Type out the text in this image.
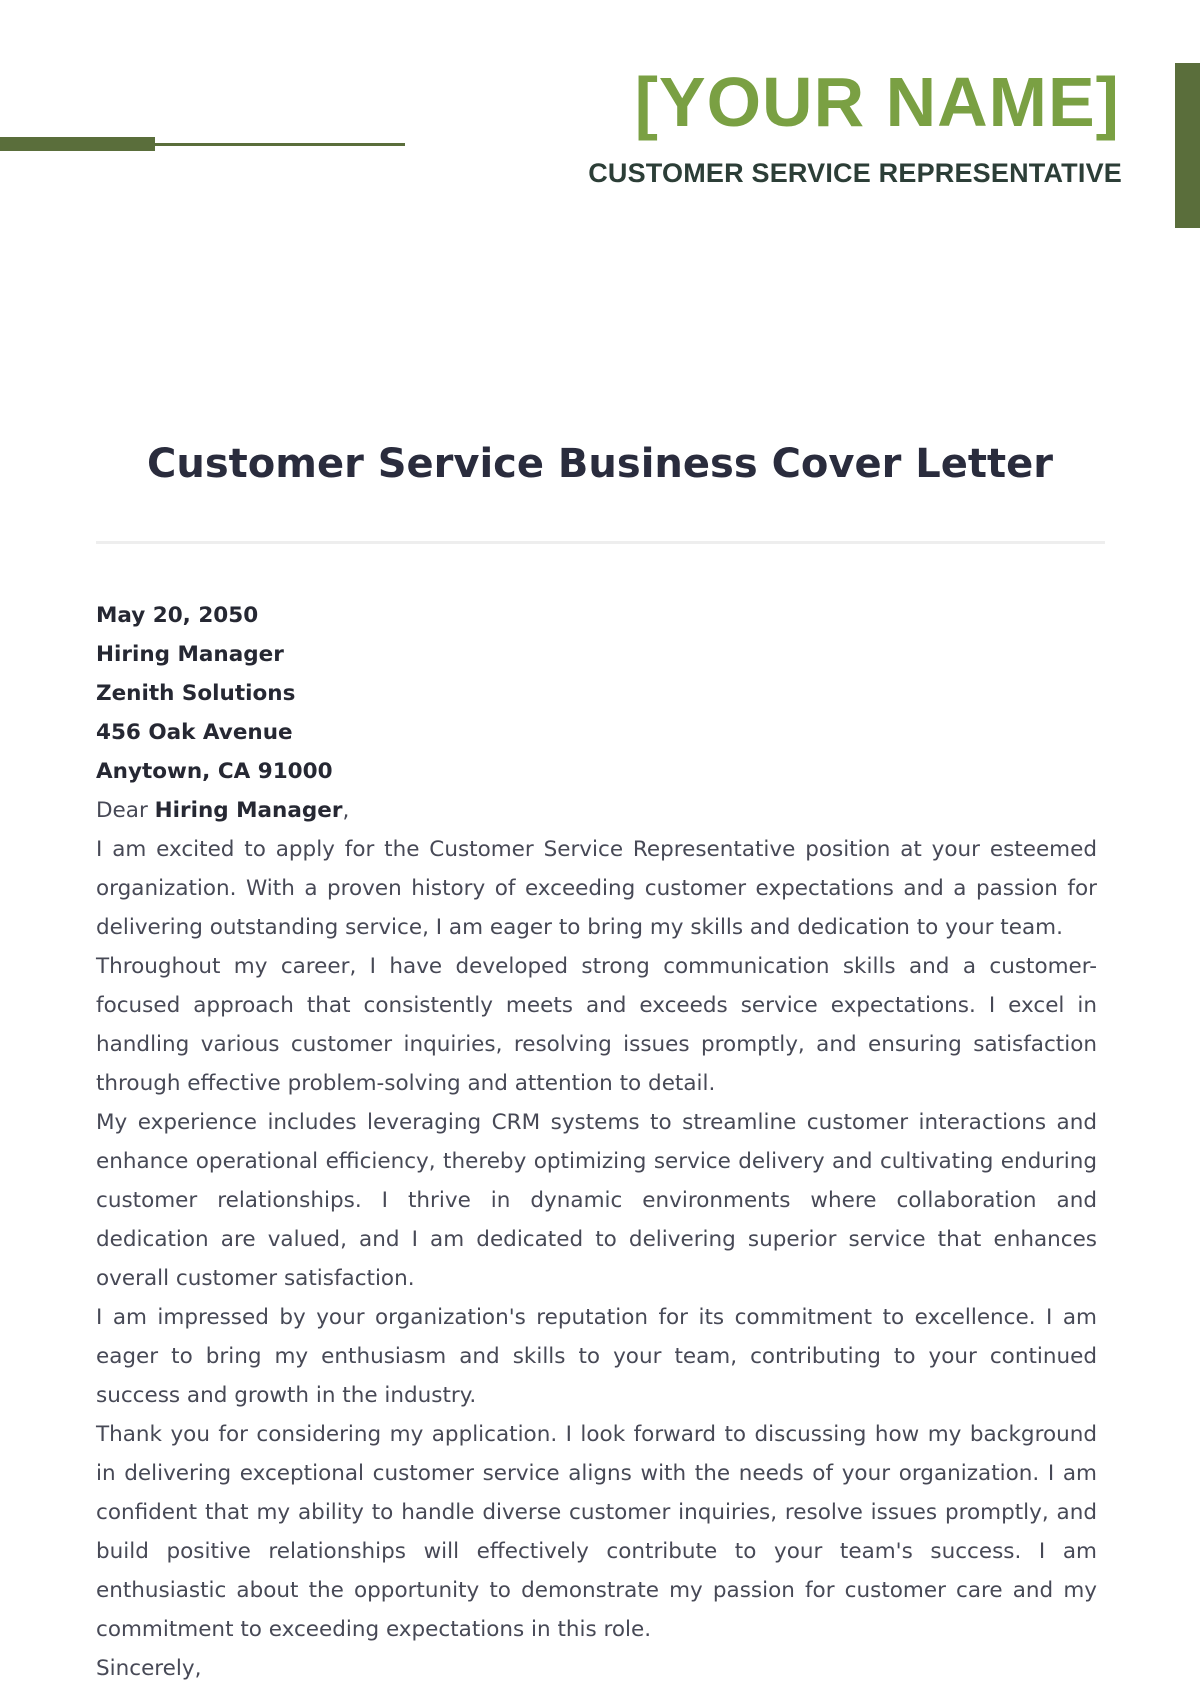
[YOUR NAME]
CUSTOMER SERVICE REPRESENTATIVE
Customer Service Business Cover Letter

May 20, 2050

Hiring Manager

Zenith Solutions

456 Oak Avenue

Anytown, CA 91000

Dear Hiring Manager,

I am excited to apply for the Customer Service Representative position at your esteemed organization. With a proven history of exceeding customer expectations and a passion for delivering outstanding service, I am eager to bring my skills and dedication to your team.

Throughout my career, I have developed strong communication skills and a customer-focused approach that consistently meets and exceeds service expectations. I excel in handling various customer inquiries, resolving issues promptly, and ensuring satisfaction through effective problem-solving and attention to detail.

My experience includes leveraging CRM systems to streamline customer interactions and enhance operational efficiency, thereby optimizing service delivery and cultivating enduring customer relationships. I thrive in dynamic environments where collaboration and dedication are valued, and I am dedicated to delivering superior service that enhances overall customer satisfaction.

I am impressed by your organization's reputation for its commitment to excellence. I am eager to bring my enthusiasm and skills to your team, contributing to your continued success and growth in the industry.

Thank you for considering my application. I look forward to discussing how my background in delivering exceptional customer service aligns with the needs of your organization. I am confident that my ability to handle diverse customer inquiries, resolve issues promptly, and build positive relationships will effectively contribute to your team's success. I am enthusiastic about the opportunity to demonstrate my passion for customer care and my commitment to exceeding expectations in this role.

Sincerely,
